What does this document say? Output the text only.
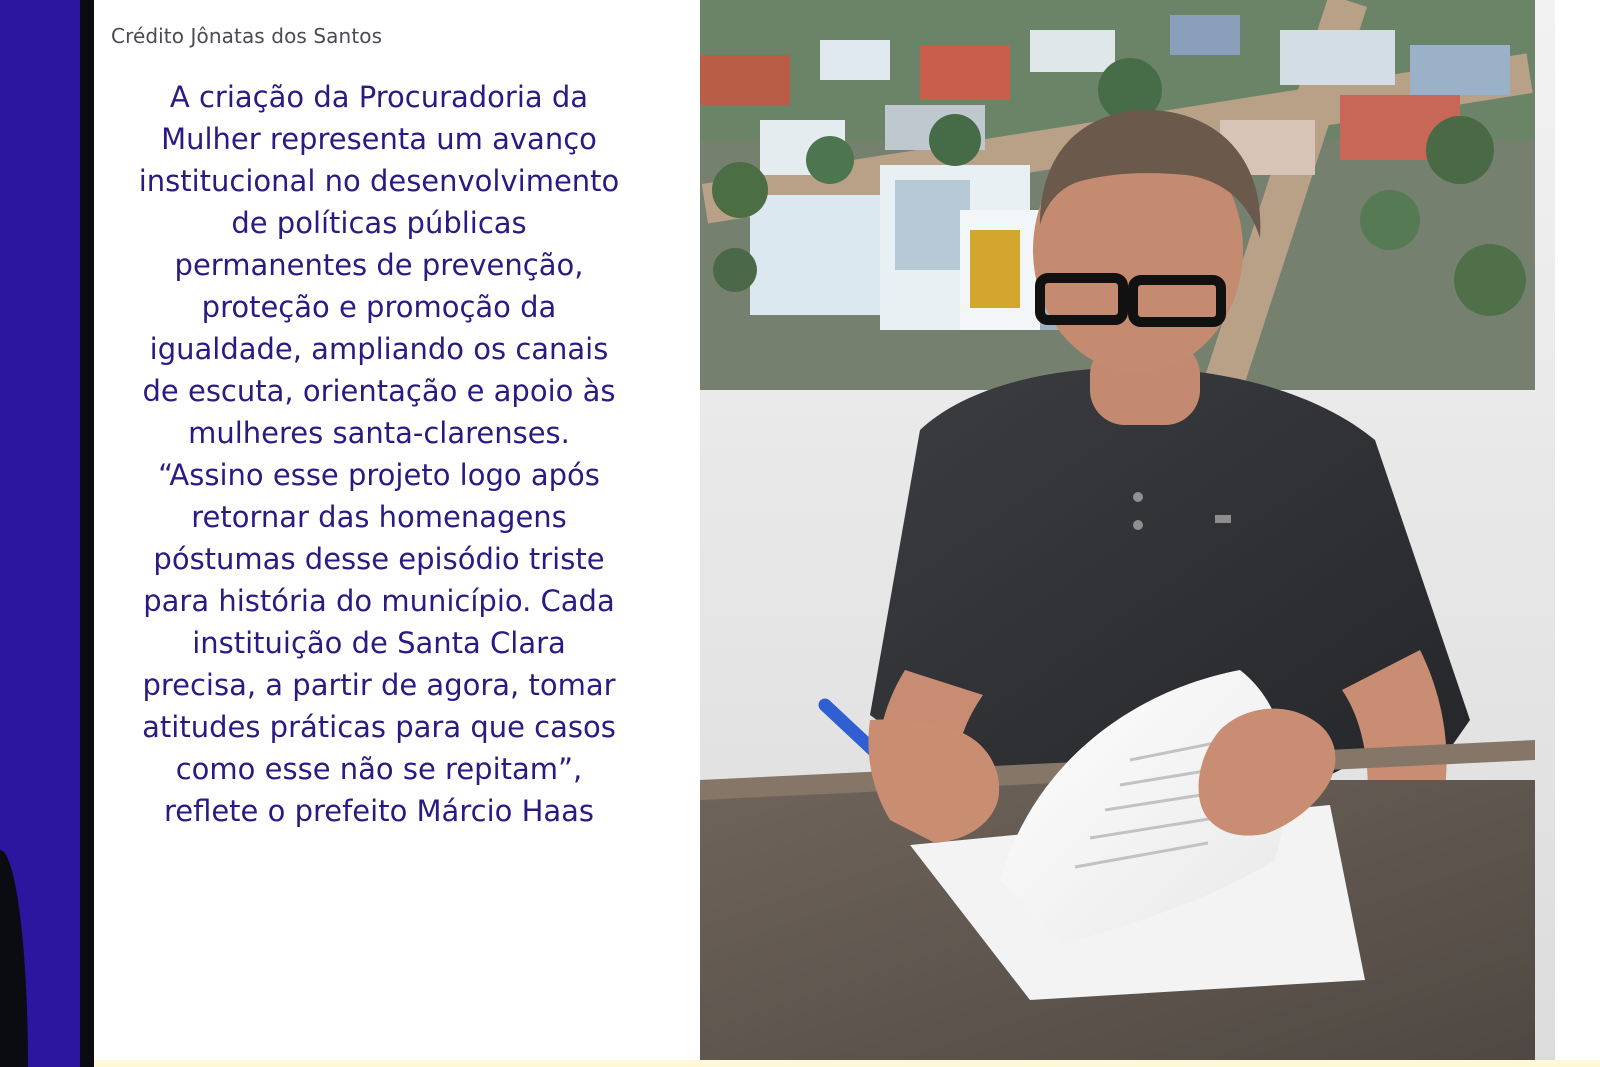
Crédito Jônatas dos Santos
A criação da Procuradoria da Mulher representa um avanço institucional no desenvolvimento de políticas públicas permanentes de prevenção, proteção e promoção da igualdade, ampliando os canais de escuta, orientação e apoio às mulheres santa-clarenses. “Assino esse projeto logo após retornar das homenagens póstumas desse episódio triste para história do município. Cada instituição de Santa Clara precisa, a partir de agora, tomar atitudes práticas para que casos como esse não se repitam”, reflete o prefeito Márcio Haas
